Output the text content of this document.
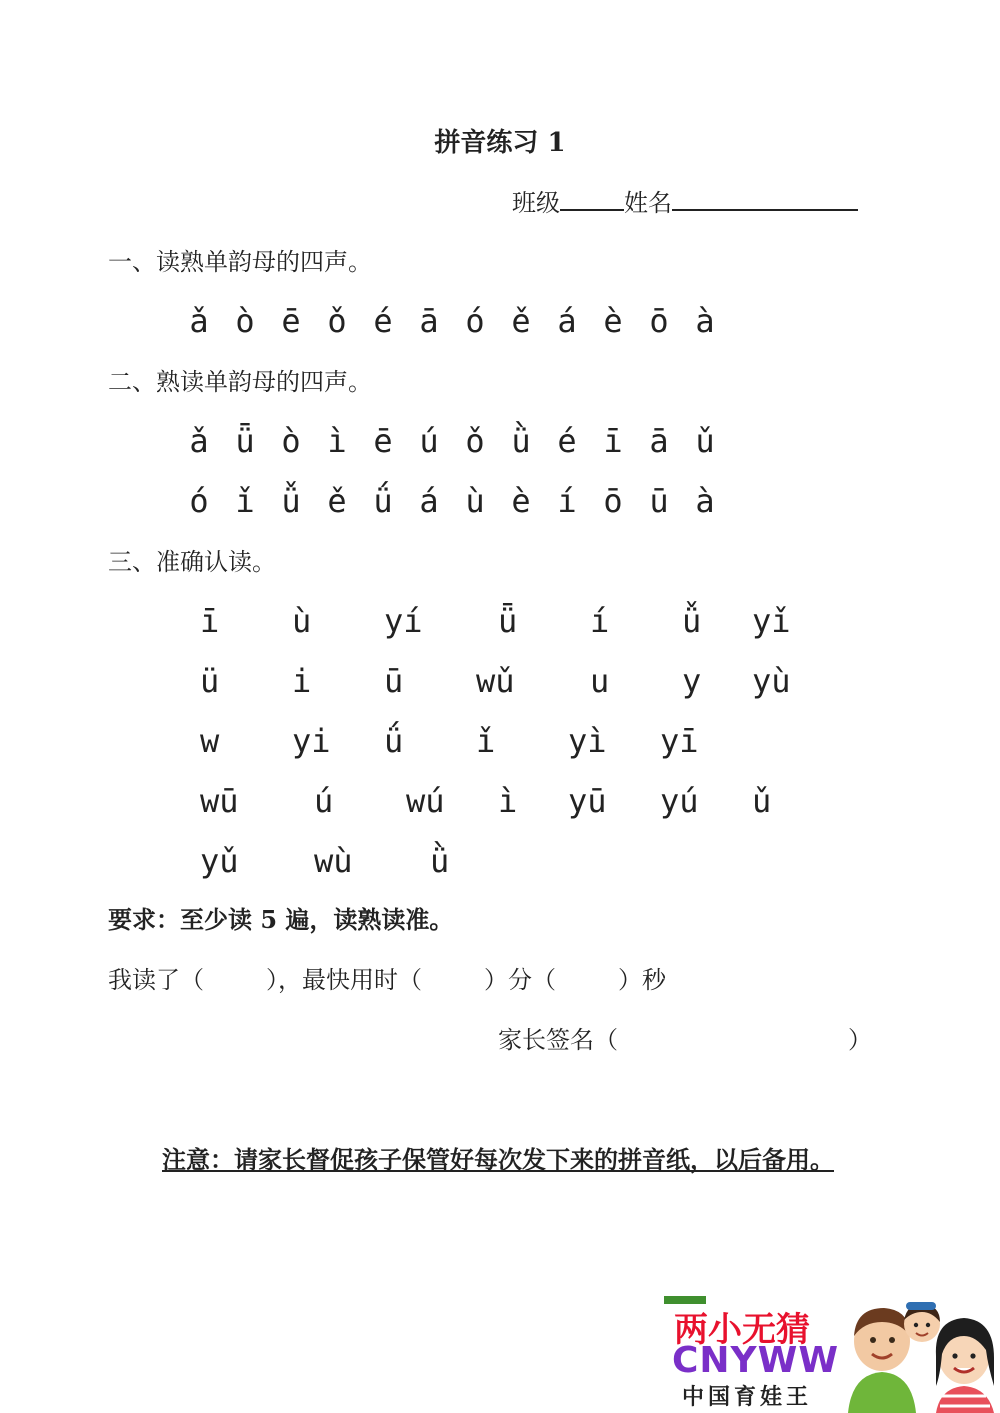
拼音练习 1
班级	姓名
一、读熟单韵母的四声。
ǎ ò ē ǒ é ā ó ě á è ō à
二、熟读单韵母的四声。
ǎ ǖ ò ì ē ú ǒ ǜ é ī ā ǔ
ó ǐ ǚ ě ǘ á ù è í ō ū à
三、准确认读。
ī ù yí ǖ í ǚ yǐ
ü i ū wǔ u y yù
w yi ǘ ǐ yì yī
wū ú wú ì yū yú ǔ
yǔ wù ǜ
要求：至少读 5 遍，读熟读准。
我读了（	），最快用时（	）分（	）秒
家长签名（	）
注意：请家长督促孩子保管好每次发下来的拼音纸，以后备用。
两小无猜
CNYWW
中国育娃王
